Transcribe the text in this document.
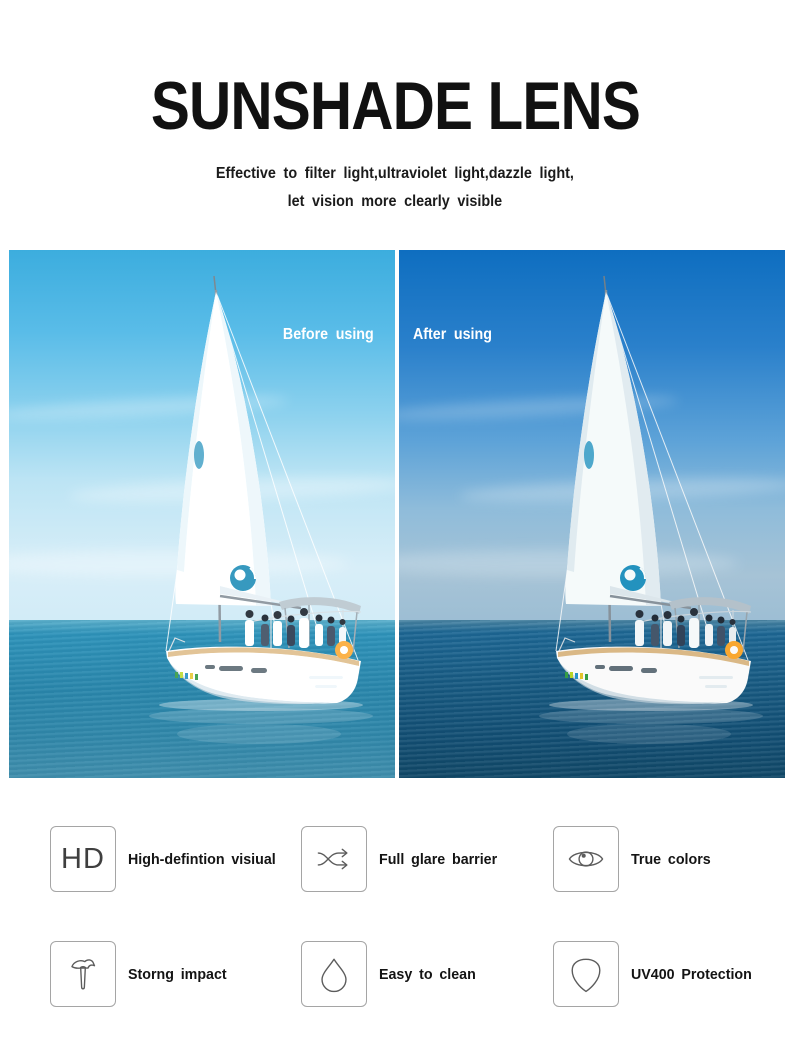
SUNSHADE LENS
Effective to filter light,ultraviolet light,dazzle light,
let vision more clearly visible
Before using	After using
HD High-defintion visiual	Full glare barrier	True colors
Storng impact	Easy to clean	UV400 Protection
